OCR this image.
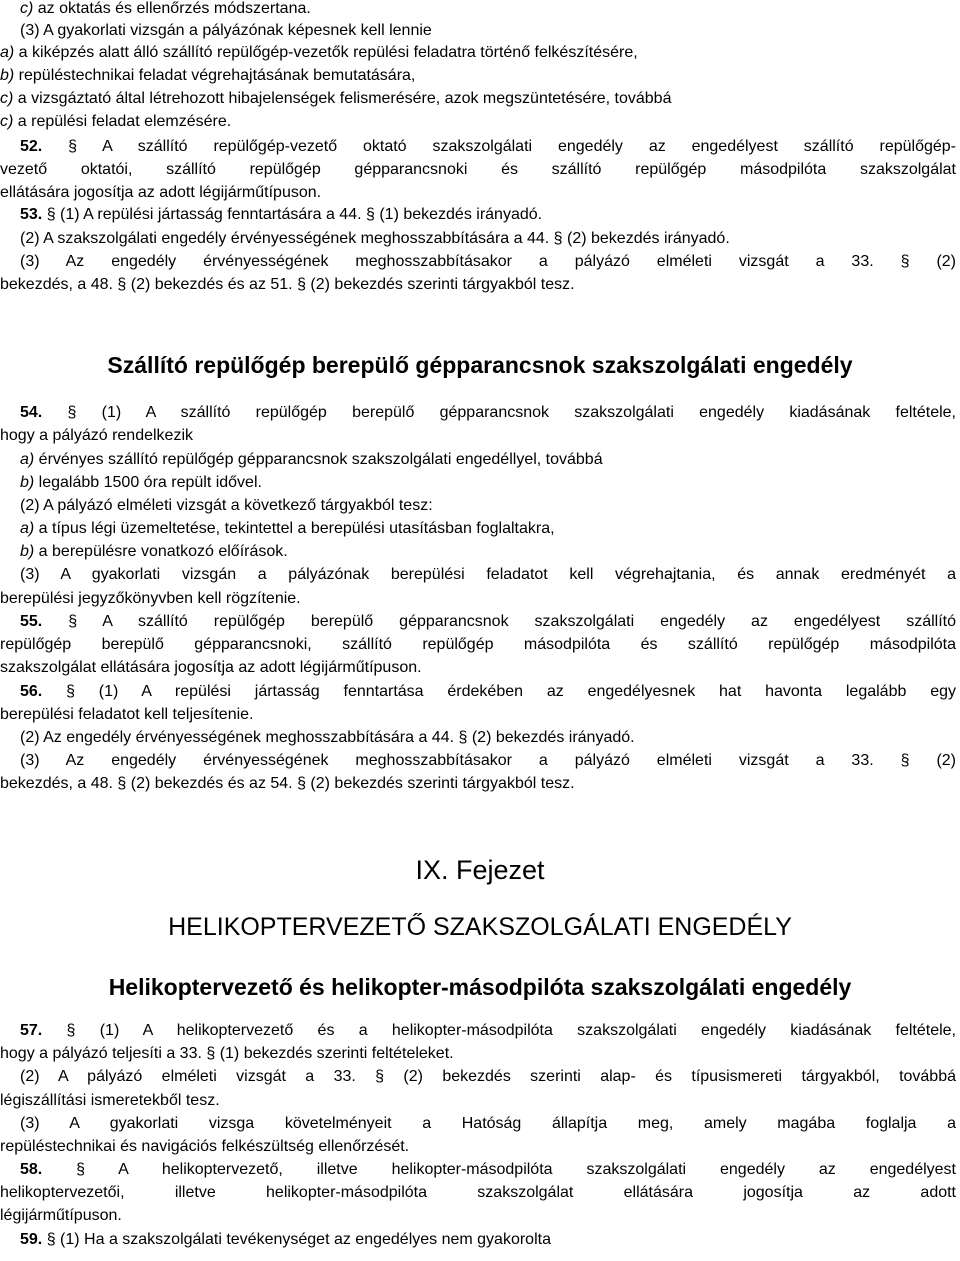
c) az oktatás és ellenőrzés módszertana.
(3) A gyakorlati vizsgán a pályázónak képesnek kell lennie
a) a kiképzés alatt álló szállító repülőgép-vezetők repülési feladatra történő felkészítésére,
b) repüléstechnikai feladat végrehajtásának bemutatására,
c) a vizsgáztató által létrehozott hibajelenségek felismerésére, azok megszüntetésére, továbbá
c) a repülési feladat elemzésére.
52. § A szállító repülőgép-vezető oktató szakszolgálati engedély az engedélyest szállító repülőgép-
vezető oktatói, szállító repülőgép gépparancsnoki és szállító repülőgép másodpilóta szakszolgálat
ellátására jogosítja az adott légijárműtípuson.
53. § (1) A repülési jártasság fenntartására a 44. § (1) bekezdés irányadó.
(2) A szakszolgálati engedély érvényességének meghosszabbítására a 44. § (2) bekezdés irányadó.
(3) Az engedély érvényességének meghosszabbításakor a pályázó elméleti vizsgát a 33. § (2)
bekezdés, a 48. § (2) bekezdés és az 51. § (2) bekezdés szerinti tárgyakból tesz.
54. § (1) A szállító repülőgép berepülő gépparancsnok szakszolgálati engedély kiadásának feltétele,
hogy a pályázó rendelkezik
a) érvényes szállító repülőgép gépparancsnok szakszolgálati engedéllyel, továbbá
b) legalább 1500 óra repült idővel.
(2) A pályázó elméleti vizsgát a következő tárgyakból tesz:
a) a típus légi üzemeltetése, tekintettel a berepülési utasításban foglaltakra,
b) a berepülésre vonatkozó előírások.
(3) A gyakorlati vizsgán a pályázónak berepülési feladatot kell végrehajtania, és annak eredményét a
berepülési jegyzőkönyvben kell rögzítenie.
55. § A szállító repülőgép berepülő gépparancsnok szakszolgálati engedély az engedélyest szállító
repülőgép berepülő gépparancsnoki, szállító repülőgép másodpilóta és szállító repülőgép másodpilóta
szakszolgálat ellátására jogosítja az adott légijárműtípuson.
56. § (1) A repülési jártasság fenntartása érdekében az engedélyesnek hat havonta legalább egy
berepülési feladatot kell teljesítenie.
(2) Az engedély érvényességének meghosszabbítására a 44. § (2) bekezdés irányadó.
(3) Az engedély érvényességének meghosszabbításakor a pályázó elméleti vizsgát a 33. § (2)
bekezdés, a 48. § (2) bekezdés és az 54. § (2) bekezdés szerinti tárgyakból tesz.
57. § (1) A helikoptervezető és a helikopter-másodpilóta szakszolgálati engedély kiadásának feltétele,
hogy a pályázó teljesíti a 33. § (1) bekezdés szerinti feltételeket.
(2) A pályázó elméleti vizsgát a 33. § (2) bekezdés szerinti alap- és típusismereti tárgyakból, továbbá
légiszállítási ismeretekből tesz.
(3) A gyakorlati vizsga követelményeit a Hatóság állapítja meg, amely magába foglalja a
repüléstechnikai és navigációs felkészültség ellenőrzését.
58. § A helikoptervezető, illetve helikopter-másodpilóta szakszolgálati engedély az engedélyest
helikoptervezetői, illetve helikopter-másodpilóta szakszolgálat ellátására jogosítja az adott
légijárműtípuson.
59. § (1) Ha a szakszolgálati tevékenységet az engedélyes nem gyakorolta
Szállító repülőgép berepülő gépparancsnok szakszolgálati engedély
IX. Fejezet
HELIKOPTERVEZETŐ SZAKSZOLGÁLATI ENGEDÉLY
Helikoptervezető és helikopter-másodpilóta szakszolgálati engedély
